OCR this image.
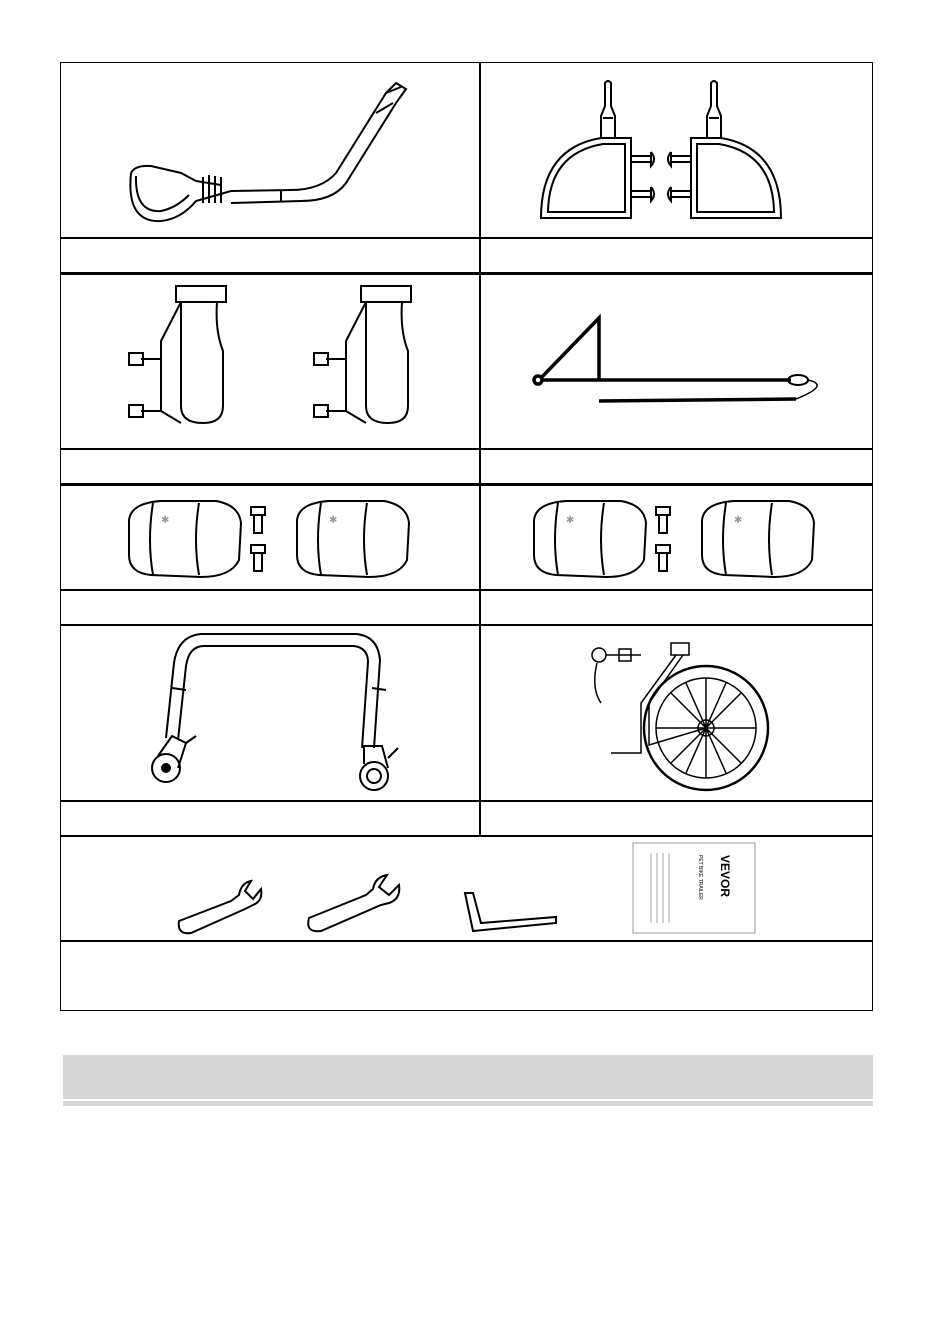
✱	✱	✱	✱
VEVOR
PET BIKE TRAILER
